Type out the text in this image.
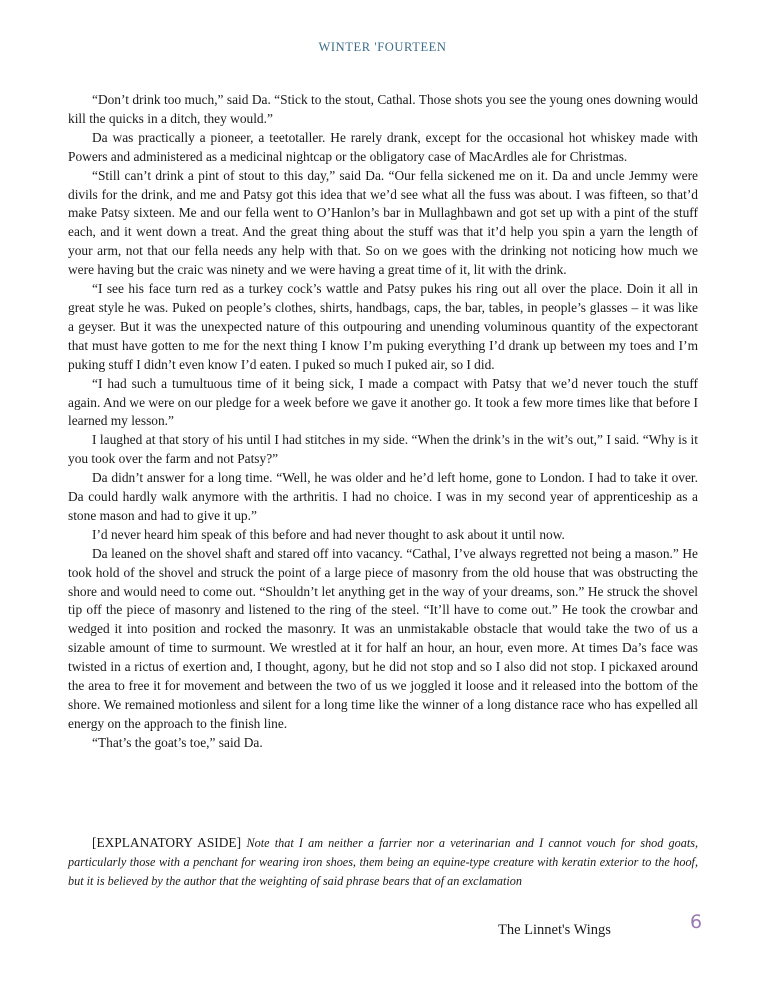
WINTER 'FOURTEEN

“Don’t drink too much,” said Da. “Stick to the stout, Cathal. Those shots you see the young ones downing would kill the quicks in a ditch, they would.”

Da was practically a pioneer, a teetotaller. He rarely drank, except for the occasional hot whiskey made with Powers and administered as a medicinal nightcap or the obligatory case of MacArdles ale for Christmas.

“Still can’t drink a pint of stout to this day,” said Da. “Our fella sickened me on it. Da and uncle Jemmy were divils for the drink, and me and Patsy got this idea that we’d see what all the fuss was about. I was fifteen, so that’d make Patsy sixteen. Me and our fella went to O’Hanlon’s bar in Mullaghbawn and got set up with a pint of the stuff each, and it went down a treat. And the great thing about the stuff was that it’d help you spin a yarn the length of your arm, not that our fella needs any help with that. So on we goes with the drinking not noticing how much we were having but the craic was ninety and we were having a great time of it, lit with the drink.

“I see his face turn red as a turkey cock’s wattle and Patsy pukes his ring out all over the place. Doin it all in great style he was. Puked on people’s clothes, shirts, handbags, caps, the bar, tables, in people’s glasses – it was like a geyser. But it was the unexpected nature of this outpouring and unending voluminous quantity of the expectorant that must have gotten to me for the next thing I know I’m puking everything I’d drank up between my toes and I’m puking stuff I didn’t even know I’d eaten. I puked so much I puked air, so I did.

“I had such a tumultuous time of it being sick, I made a compact with Patsy that we’d never touch the stuff again. And we were on our pledge for a week before we gave it another go. It took a few more times like that before I learned my lesson.”

I laughed at that story of his until I had stitches in my side. “When the drink’s in the wit’s out,” I said. “Why is it you took over the farm and not Patsy?”

Da didn’t answer for a long time. “Well, he was older and he’d left home, gone to London. I had to take it over. Da could hardly walk anymore with the arthritis. I had no choice. I was in my second year of apprenticeship as a stone mason and had to give it up.”

I’d never heard him speak of this before and had never thought to ask about it until now.

Da leaned on the shovel shaft and stared off into vacancy. “Cathal, I’ve always regretted not being a mason.” He took hold of the shovel and struck the point of a large piece of masonry from the old house that was obstructing the shore and would need to come out. “Shouldn’t let anything get in the way of your dreams, son.” He struck the shovel tip off the piece of masonry and listened to the ring of the steel. “It’ll have to come out.” He took the crowbar and wedged it into position and rocked the masonry. It was an unmistakable obstacle that would take the two of us a sizable amount of time to surmount. We wrestled at it for half an hour, an hour, even more. At times Da’s face was twisted in a rictus of exertion and, I thought, agony, but he did not stop and so I also did not stop. I pickaxed around the area to free it for movement and between the two of us we joggled it loose and it released into the bottom of the shore. We remained motionless and silent for a long time like the winner of a long distance race who has expelled all energy on the approach to the finish line.

“That’s the goat’s toe,” said Da.

[EXPLANATORY ASIDE] Note that I am neither a farrier nor a veterinarian and I cannot vouch for shod goats, particularly those with a penchant for wearing iron shoes, them being an equine-type creature with keratin exterior to the hoof, but it is believed by the author that the weighting of said phrase bears that of an exclamation

The Linnet's Wings	6
